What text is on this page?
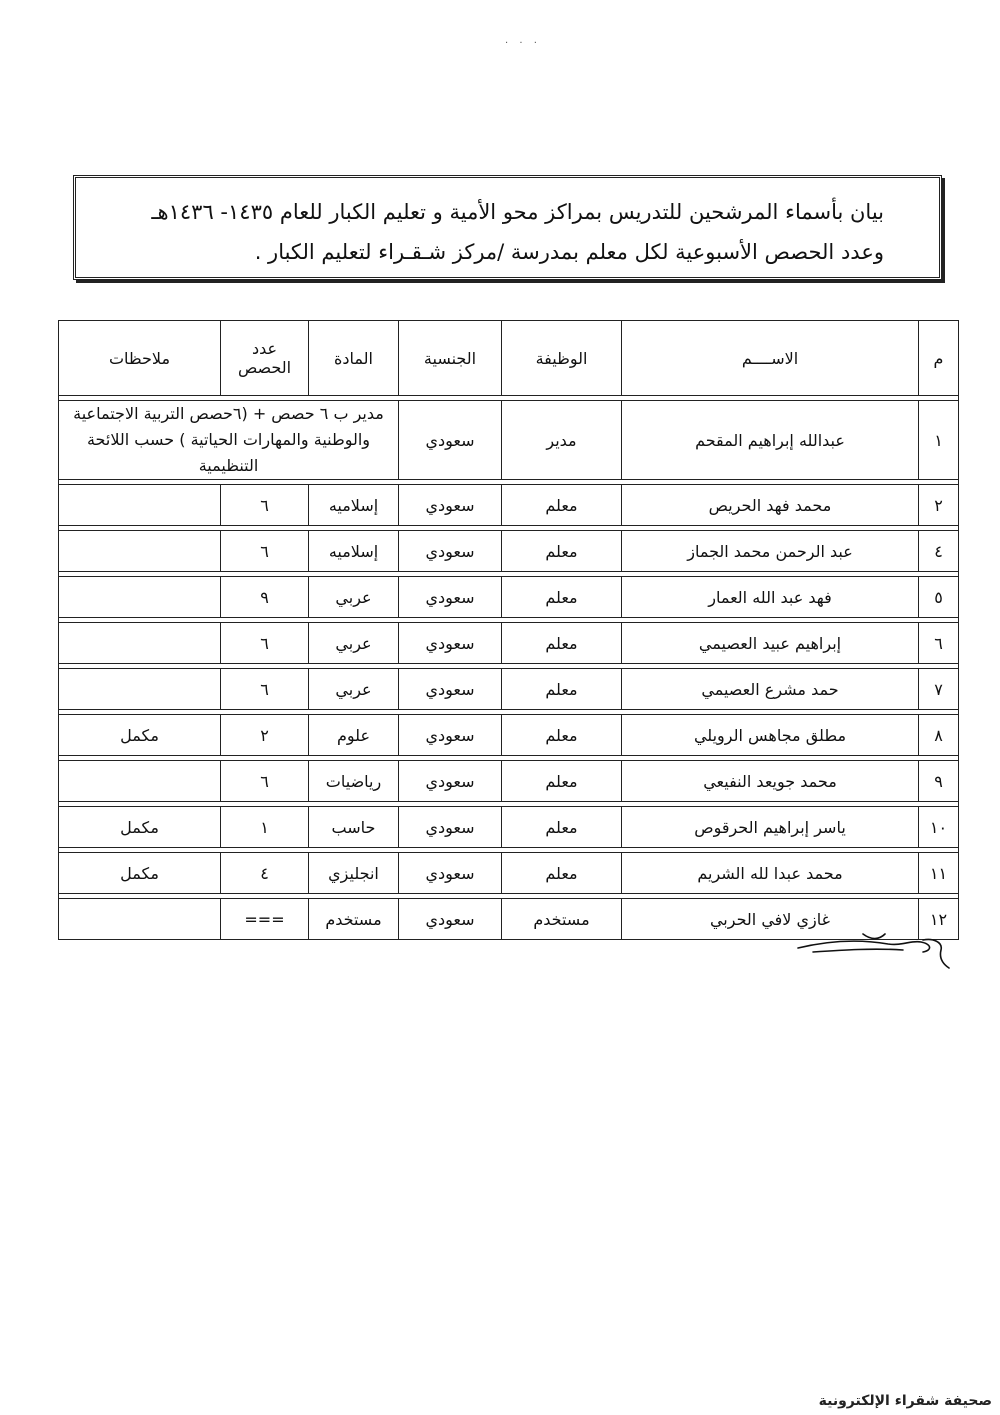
· · ·
بيان بأسماء المرشحين للتدريس بمراكز محو الأمية و تعليم الكبار للعام ١٤٣٥- ١٤٣٦هـ
وعدد الحصص الأسبوعية لكل معلم بمدرسة /مركز شـقـراء لتعليم الكبار .
م	الاســــم	الوظيفة	الجنسية	المادة	عدد الحصص	ملاحظات

١	عبدالله إبراهيم المقحم	مدير	سعودي	مدير ب ٦ حصص + (٦حصص التربية الاجتماعية والوطنية والمهارات الحياتية ) حسب اللائحة التنظيمية		

٢	محمد فهد الحريص	معلم	سعودي	إسلاميه	٦	

٤	عبد الرحمن محمد الجماز	معلم	سعودي	إسلاميه	٦	

٥	فهد عبد الله العمار	معلم	سعودي	عربي	٩	

٦	إبراهيم عبيد العصيمي	معلم	سعودي	عربي	٦	

٧	حمد مشرع العصيمي	معلم	سعودي	عربي	٦	

٨	مطلق مجاهس الرويلي	معلم	سعودي	علوم	٢	مكمل

٩	محمد جويعد النفيعي	معلم	سعودي	رياضيات	٦	

١٠	ياسر إبراهيم الحرقوص	معلم	سعودي	حاسب	١	مكمل

١١	محمد عبدا لله الشريم	معلم	سعودي	انجليزي	٤	مكمل

١٢	غازي لافي الحربي	مستخدم	سعودي	مستخدم	===	
صحيفة شقراء الإلكترونية
